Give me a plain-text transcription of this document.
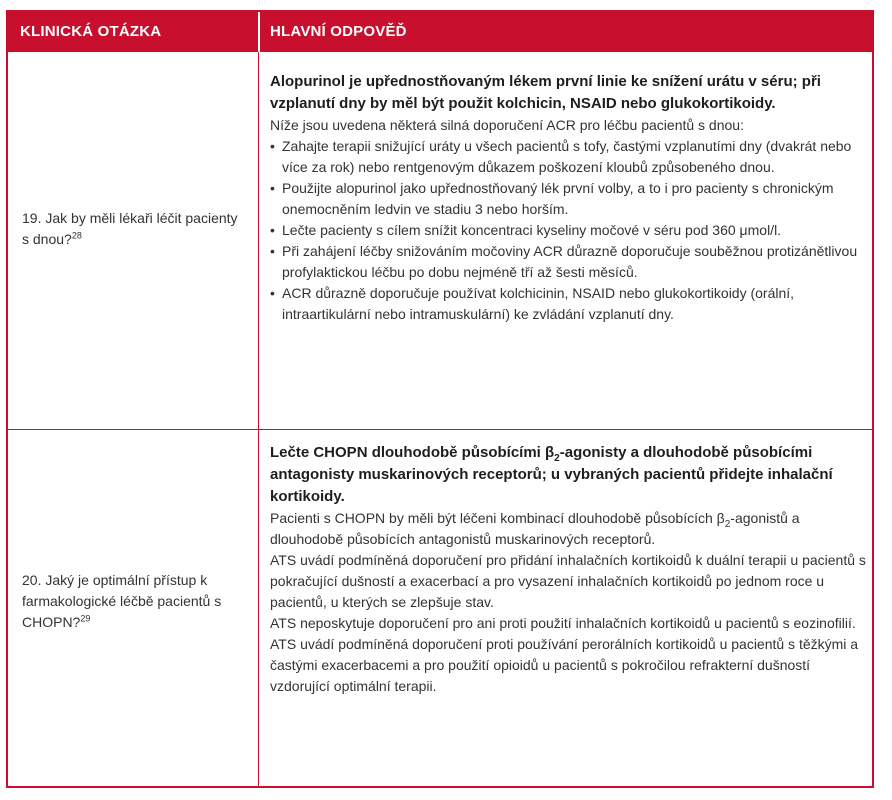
KLINICKÁ OTÁZKA	HLAVNÍ ODPOVĚĎ
19. Jak by měli lékaři léčit pacienty s dnou?$^{28}$

Alopurinol je upřednostňovaným lékem první linie ke snížení urátu v séru; při vzplanutí dny by měl být použit kolchicin, NSAID nebo glukokortikoidy.

Níže jsou uvedena některá silná doporučení ACR pro léčbu pacientů s dnou:

• Zahajte terapii snižující uráty u všech pacientů s tofy, častými vzplanutími dny (dvakrát nebo více za rok) nebo rentgenovým důkazem poškození kloubů způsobeného dnou.

• Použijte alopurinol jako upřednostňovaný lék první volby, a to i pro pacienty s chronickým onemocněním ledvin ve stadiu 3 nebo horším.

• Lečte pacienty s cílem snížit koncentraci kyseliny močové v séru pod 360 μmol/l.

• Při zahájení léčby snižováním močoviny ACR důrazně doporučuje souběžnou protizánětlivou profylaktickou léčbu po dobu nejméně tří až šesti měsíců.

• ACR důrazně doporučuje používat kolchicinin, NSAID nebo glukokortikoidy (orální, intraartikulární nebo intramuskulární) ke zvládání vzplanutí dny.

20. Jaký je optimální přístup k farmakologické léčbě pacientů s CHOPN?$^{29}$

Lečte CHOPN dlouhodobě působícími $\beta_2$-agonisty a dlouhodobě působícími antagonisty muskarinových receptorů; u vybraných pacientů přidejte inhalační kortikoidy.

Pacienti s CHOPN by měli být léčeni kombinací dlouhodobě působících $\beta_2$-agonistů a dlouhodobě působících antagonistů muskarinových receptorů.

ATS uvádí podmíněná doporučení pro přidání inhalačních kortikoidů k duální terapii u pacientů s pokračující dušností a exacerbací a pro vysazení inhalačních kortikoidů po jednom roce u pacientů, u kterých se zlepšuje stav.

ATS neposkytuje doporučení pro ani proti použití inhalačních kortikoidů u pacientů s eozinofilií.

ATS uvádí podmíněná doporučení proti používání perorálních kortikoidů u pacientů s těžkými a častými exacerbacemi a pro použití opioidů u pacientů s pokročilou refrakterní dušností vzdorující optimální terapii.
